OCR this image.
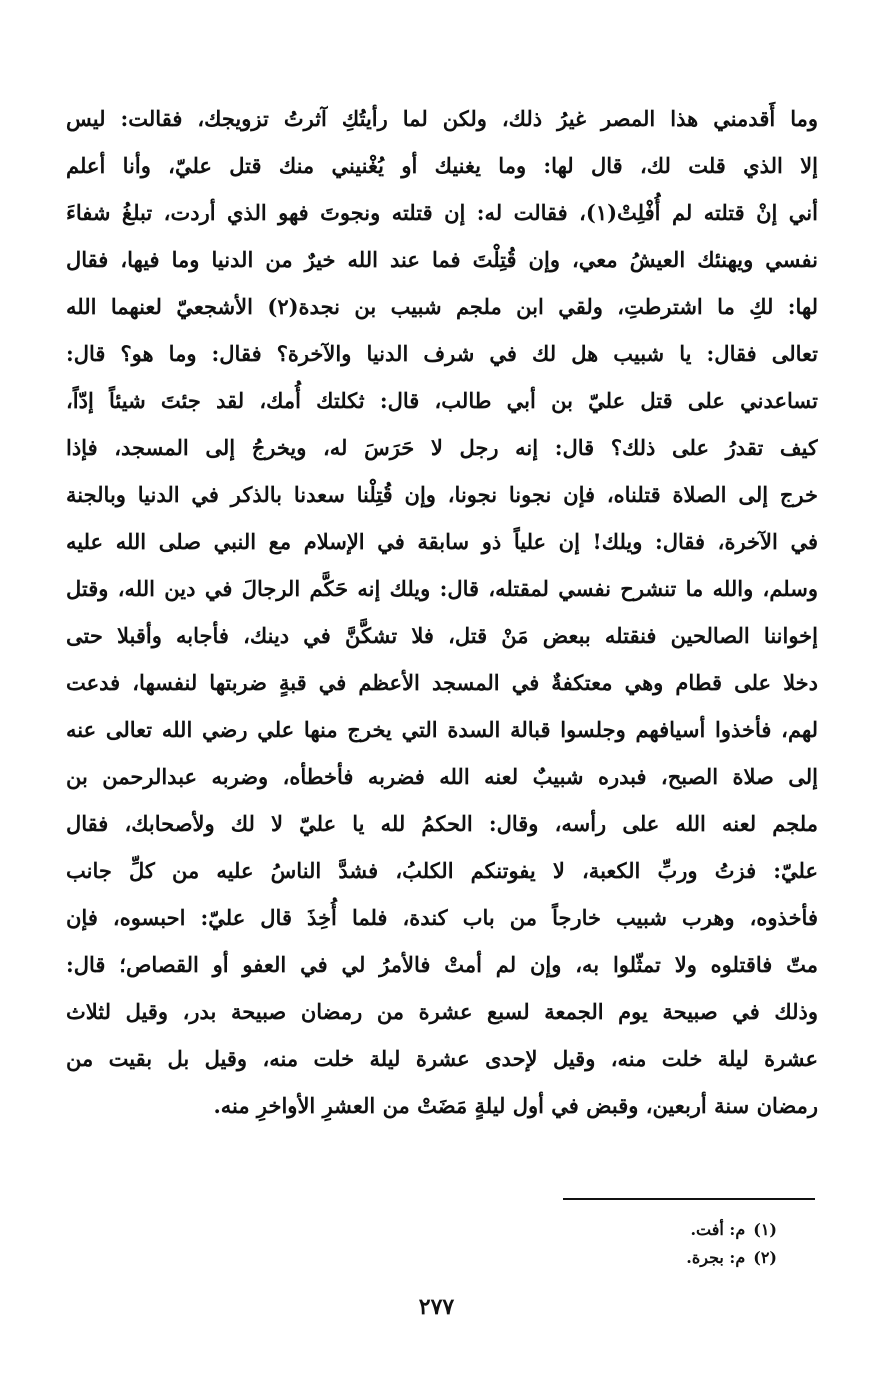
وما أَقدمني هذا المصر غيرُ ذلك، ولكن لما رأيتُكِ آثرتُ تزويجك، فقالت: ليس
إلا الذي قلت لك، قال لها: وما يغنيك أو يُغْنيني منك قتل عليّ، وأنا أعلم
أني إنْ قتلته لم أُفْلِتْ(١)، فقالت له: إن قتلته ونجوتَ فهو الذي أردت، تبلغُ شفاءَ
نفسي ويهنئك العيشُ معي، وإن قُتِلْتَ فما عند الله خيرٌ من الدنيا وما فيها، فقال
لها: لكِ ما اشترطتِ، ولقي ابن ملجم شبيب بن نجدة(٢) الأشجعيّ لعنهما الله
تعالى فقال: يا شبيب هل لك في شرف الدنيا والآخرة؟ فقال: وما هو؟ قال:
تساعدني على قتل عليّ بن أبي طالب، قال: ثكلتك أُمك، لقد جئتَ شيئاً إدّاً،
كيف تقدرُ على ذلك؟ قال: إنه رجل لا حَرَسَ له، ويخرجُ إلى المسجد، فإذا
خرج إلى الصلاة قتلناه، فإن نجونا نجونا، وإن قُتِلْنا سعدنا بالذكر في الدنيا وبالجنة
في الآخرة، فقال: ويلك! إن علياً ذو سابقة في الإسلام مع النبي صلى الله عليه
وسلم، والله ما تنشرح نفسي لمقتله، قال: ويلك إنه حَكَّم الرجالَ في دين الله، وقتل
إخواننا الصالحين فنقتله ببعض مَنْ قتل، فلا تشكَّنَّ في دينك، فأجابه وأقبلا حتى
دخلا على قطام وهي معتكفةٌ في المسجد الأعظم في قبةٍ ضربتها لنفسها، فدعت
لهم، فأخذوا أسيافهم وجلسوا قبالة السدة التي يخرج منها علي رضي الله تعالى عنه
إلى صلاة الصبح، فبدره شبيبٌ لعنه الله فضربه فأخطأه، وضربه عبدالرحمن بن
ملجم لعنه الله على رأسه، وقال: الحكمُ لله يا عليّ لا لك ولأصحابك، فقال
عليّ: فزتُ وربِّ الكعبة، لا يفوتنكم الكلبُ، فشدَّ الناسُ عليه من كلِّ جانب
فأخذوه، وهرب شبيب خارجاً من باب كندة، فلما أُخِذَ قال عليّ: احبسوه، فإن
متّ فاقتلوه ولا تمثّلوا به، وإن لم أمتْ فالأمرُ لي في العفو أو القصاص؛ قال:
وذلك في صبيحة يوم الجمعة لسبع عشرة من رمضان صبيحة بدر، وقيل لثلاث
عشرة ليلة خلت منه، وقيل لإحدى عشرة ليلة خلت منه، وقيل بل بقيت من
رمضان سنة أربعين، وقبض في أول ليلةٍ مَضَتْ من العشرِ الأواخرِ منه.
(١)م: أفت.
(٢)م: بجرة.
٢٧٧
